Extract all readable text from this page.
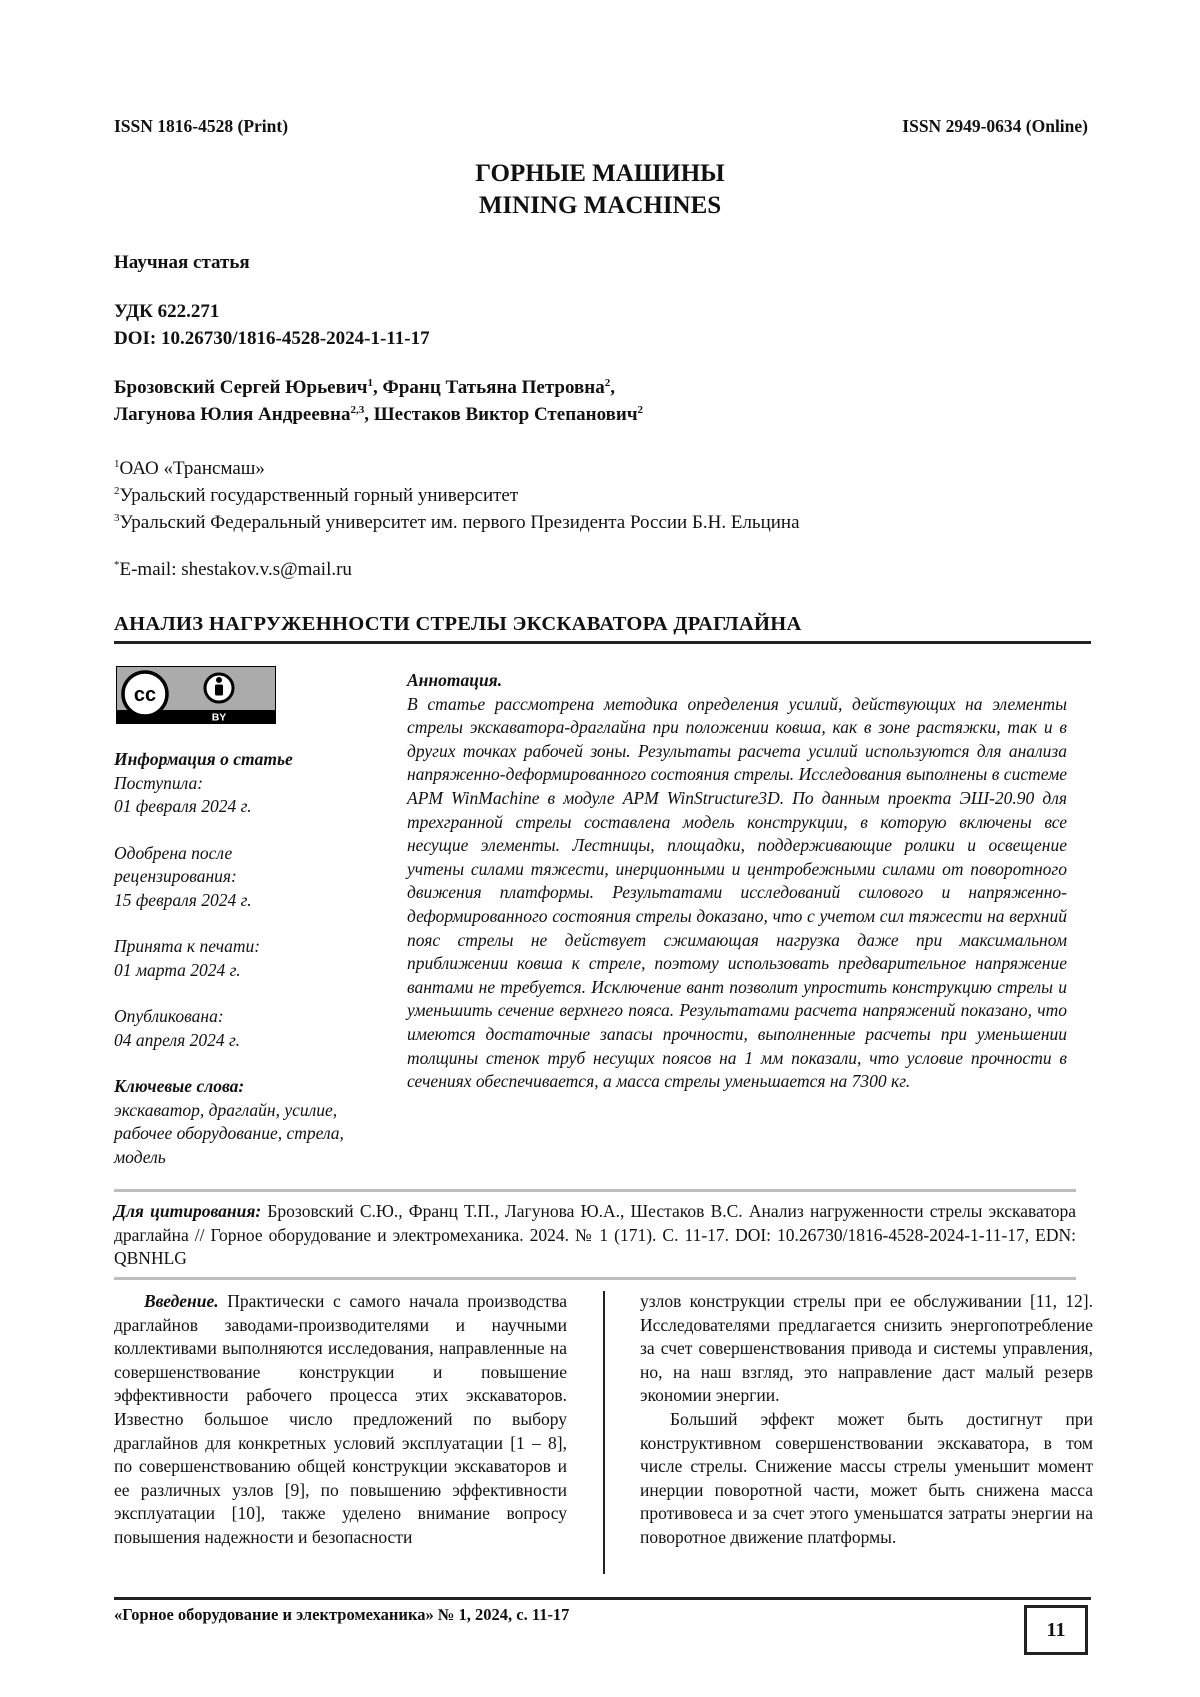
ISSN 1816-4528 (Print)	ISSN 2949-0634 (Online)
ГОРНЫЕ МАШИНЫ
MINING MACHINES
Научная статья
УДК 622.271
DOI: 10.26730/1816-4528-2024-1-11-17
Брозовский Сергей Юрьевич$^1$, Франц Татьяна Петровна$^2$,
Лагунова Юлия Андреевна$^{2,3}$, Шестаков Виктор Степанович$^2$
$^1$ОАО «Трансмаш»
$^2$Уральский государственный горный университет
$^3$Уральский Федеральный университет им. первого Президента России Б.Н. Ельцина
*E-mail: shestakov.v.s@mail.ru
АНАЛИЗ НАГРУЖЕННОСТИ СТРЕЛЫ ЭКСКАВАТОРА ДРАГЛАЙНА
cc
BY
Информация о статье
Поступила:
01 февраля 2024 г.
Одобрена после
рецензирования:
15 февраля 2024 г.
Принята к печати:
01 марта 2024 г.
Опубликована:
04 апреля 2024 г.
Ключевые слова:
экскаватор, драглайн, усилие, рабочее оборудование, стрела, модель
Аннотация.
В статье рассмотрена методика определения усилий, действующих на элементы стрелы экскаватора-драглайна при положении ковша, как в зоне растяжки, так и в других точках рабочей зоны. Результаты расчета усилий используются для анализа напряженно-деформированного состояния стрелы. Исследования выполнены в системе APM WinMachine в модуле APM WinStructure3D. По данным проекта ЭШ-20.90 для трехгранной стрелы составлена модель конструкции, в которую включены все несущие элементы. Лестницы, площадки, поддерживающие ролики и освещение учтены силами тяжести, инерционными и центробежными силами от поворотного движения платформы. Результатами исследований силового и напряженно-деформированного состояния стрелы доказано, что с учетом сил тяжести на верхний пояс стрелы не действует сжимающая нагрузка даже при максимальном приближении ковша к стреле, поэтому использовать предварительное напряжение вантами не требуется. Исключение вант позволит упростить конструкцию стрелы и уменьшить сечение верхнего пояса. Результатами расчета напряжений показано, что имеются достаточные запасы прочности, выполненные расчеты при уменьшении толщины стенок труб несущих поясов на 1 мм показали, что условие прочности в сечениях обеспечивается, а масса стрелы уменьшается на 7300 кг.
Для цитирования: Брозовский С.Ю., Франц Т.П., Лагунова Ю.А., Шестаков В.С. Анализ нагруженности стрелы экскаватора драглайна // Горное оборудование и электромеханика. 2024. № 1 (171). С. 11-17. DOI: 10.26730/1816-4528-2024-1-11-17, EDN: QBNHLG

Введение. Практически с самого начала производства драглайнов заводами-производителями и научными коллективами выполняются исследования, направленные на совершенствование конструкции и повышение эффективности рабочего процесса этих экскаваторов. Известно большое число предложений по выбору драглайнов для конкретных условий эксплуатации [1 – 8], по совершенствованию общей конструкции экскаваторов и ее различных узлов [9], по повышению эффективности эксплуатации [10], также уделено внимание вопросу повышения надежности и безопасности

узлов конструкции стрелы при ее обслуживании [11, 12]. Исследователями предлагается снизить энергопотребление за счет совершенствования привода и системы управления, но, на наш взгляд, это направление даст малый резерв экономии энергии.

Больший эффект может быть достигнут при конструктивном совершенствовании экскаватора, в том числе стрелы. Снижение массы стрелы уменьшит момент инерции поворотной части, может быть снижена масса противовеса и за счет этого уменьшатся затраты энергии на поворотное движение платформы.

«Горное оборудование и электромеханика» № 1, 2024, с. 11-17
11
